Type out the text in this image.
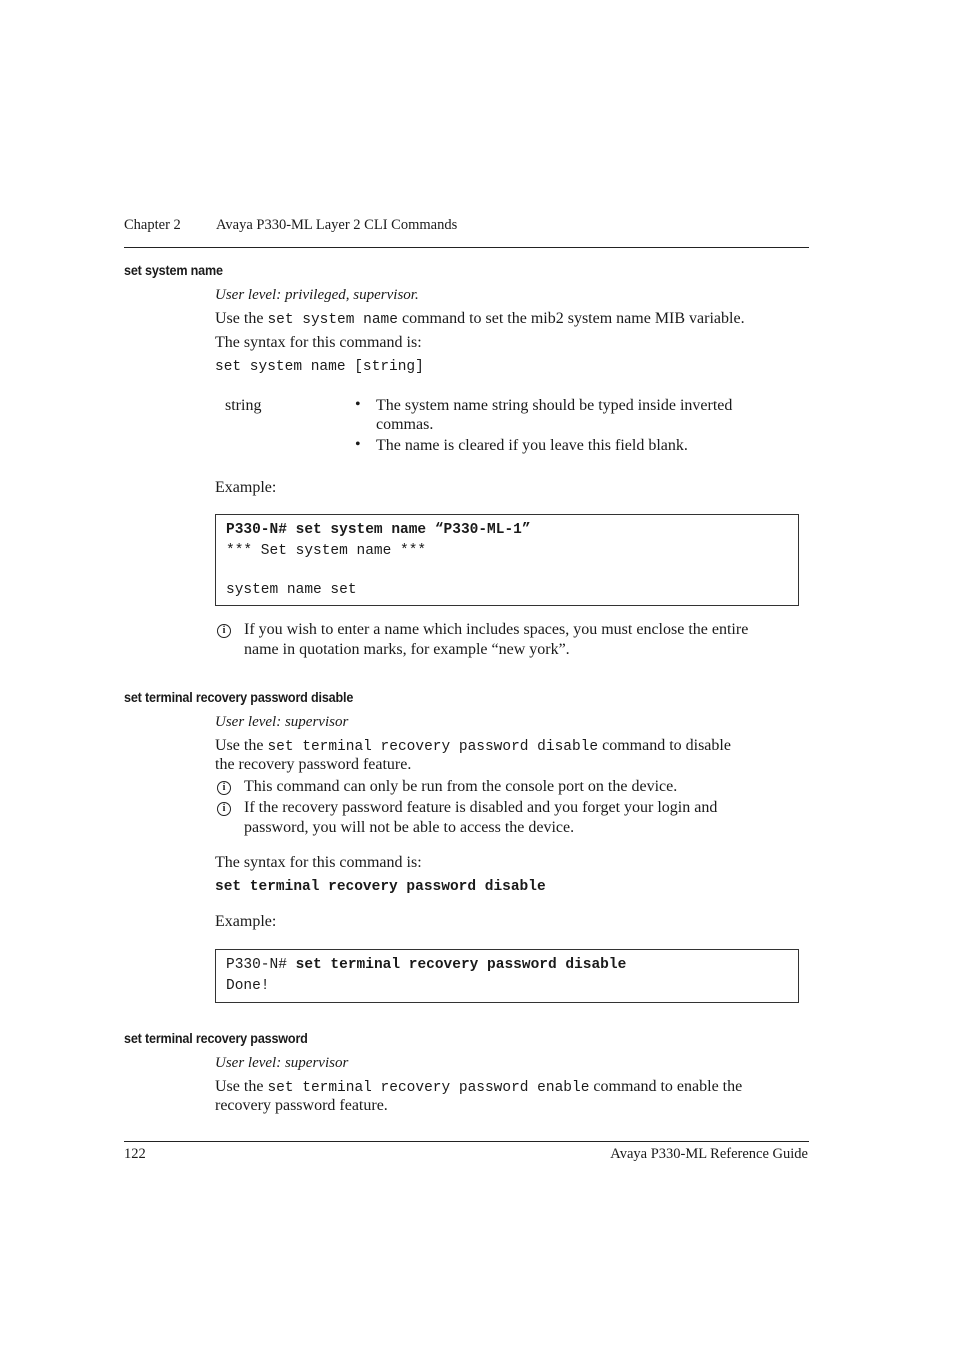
Chapter 2 Avaya P330-ML Layer 2 CLI Commands
set system name
User level: privileged, supervisor.
Use the set system name command to set the mib2 system name MIB variable.
The syntax for this command is:
set system name [string]
string	• The system name string should be typed inside inverted
commas.
• The name is cleared if you leave this field blank.
Example:
P330-N# set system name “P330-ML-1”
*** Set system name ***
system name set
i	If you wish to enter a name which includes spaces, you must enclose the entire
name in quotation marks, for example “new york”.
set terminal recovery password disable
User level: supervisor
Use the set terminal recovery password disable command to disable
the recovery password feature.
i	This command can only be run from the console port on the device.
i	If the recovery password feature is disabled and you forget your login and
password, you will not be able to access the device.
The syntax for this command is:
set terminal recovery password disable
Example:
P330-N# set terminal recovery password disable
Done!
set terminal recovery password
User level: supervisor
Use the set terminal recovery password enable command to enable the
recovery password feature.
122	Avaya P330-ML Reference Guide
